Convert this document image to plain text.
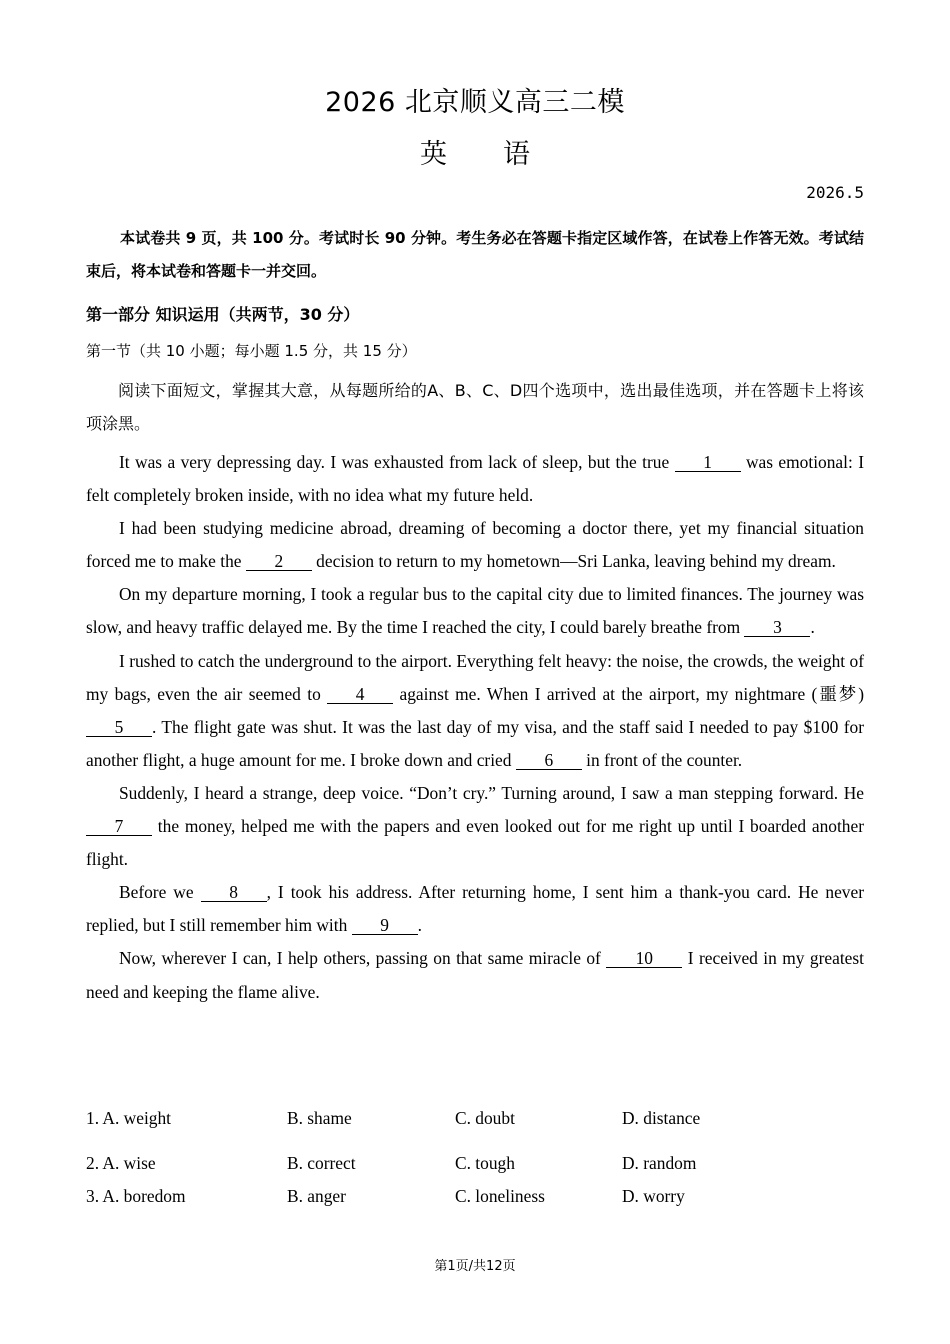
2026 北京顺义高三二模
英语
2026.5
本试卷共 9 页，共 100 分。考试时长 90 分钟。考生务必在答题卡指定区域作答，在试卷上作答无效。考试结束后，将本试卷和答题卡一并交回。
第一部分 知识运用（共两节，30 分）
第一节（共 10 小题；每小题 1.5 分，共 15 分）
阅读下面短文，掌握其大意，从每题所给的A、B、C、D四个选项中，选出最佳选项，并在答题卡上将该项涂黑。

It was a very depressing day. I was exhausted from lack of sleep, but the true 1 was emotional: I felt completely broken inside, with no idea what my future held.

I had been studying medicine abroad, dreaming of becoming a doctor there, yet my financial situation forced me to make the 2 decision to return to my hometown—Sri Lanka, leaving behind my dream.

On my departure morning, I took a regular bus to the capital city due to limited finances. The journey was slow, and heavy traffic delayed me. By the time I reached the city, I could barely breathe from 3 .

I rushed to catch the underground to the airport. Everything felt heavy: the noise, the crowds, the weight of my bags, even the air seemed to 4 against me. When I arrived at the airport, my nightmare (噩梦) 5 . The flight gate was shut. It was the last day of my visa, and the staff said I needed to pay $100 for another flight, a huge amount for me. I broke down and cried 6 in front of the counter.

Suddenly, I heard a strange, deep voice. “Don’t cry.” Turning around, I saw a man stepping forward. He 7 the money, helped me with the papers and even looked out for me right up until I boarded another flight.

Before we 8 , I took his address. After returning home, I sent him a thank-you card. He never replied, but I still remember him with 9 .

Now, wherever I can, I help others, passing on that same miracle of 10 I received in my greatest need and keeping the flame alive.

1. A. weight	B. shame	C. doubt	D. distance
2. A. wise	B. correct	C. tough	D. random
3. A. boredom	B. anger	C. loneliness	D. worry
第1页/共12页
